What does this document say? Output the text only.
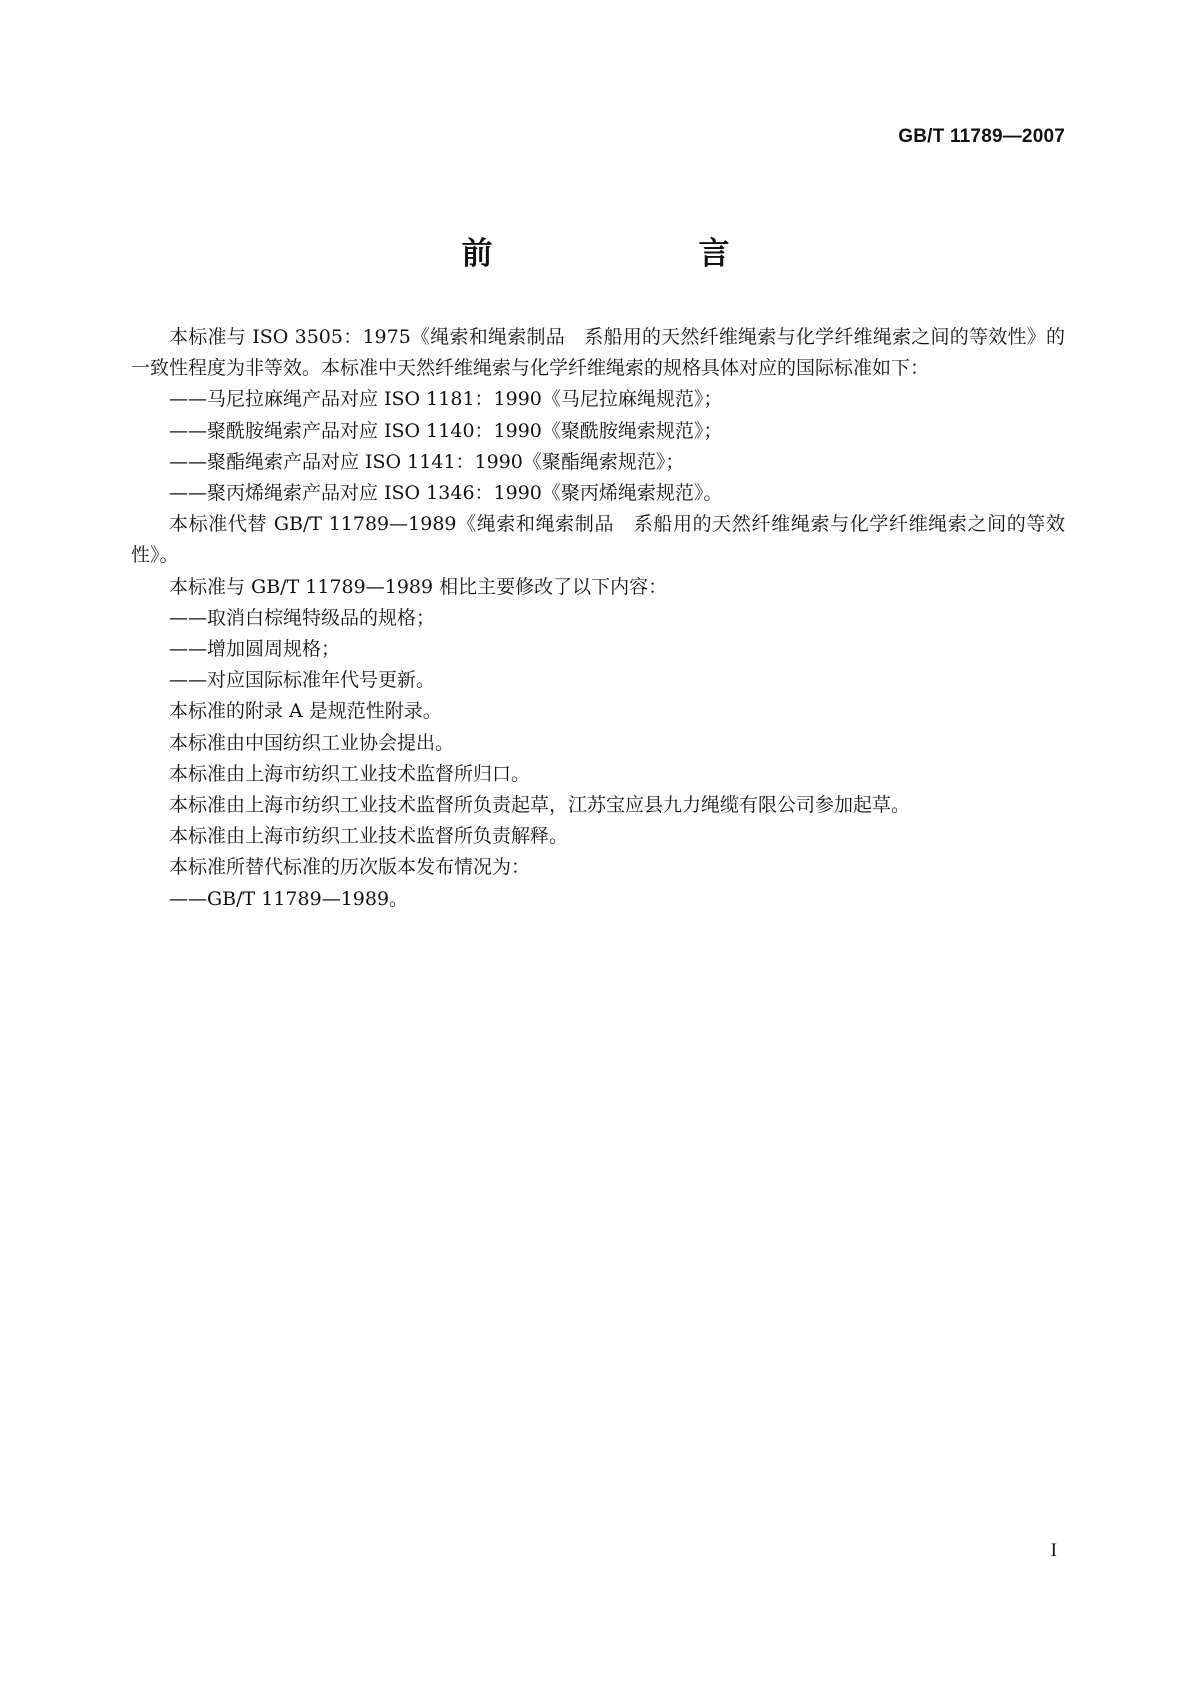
GB/T 11789—2007
前　　言

本标准与 ISO 3505：1975《绳索和绳索制品　系船用的天然纤维绳索与化学纤维绳索之间的等效性》的一致性程度为非等效。本标准中天然纤维绳索与化学纤维绳索的规格具体对应的国际标准如下：

——马尼拉麻绳产品对应 ISO 1181：1990《马尼拉麻绳规范》；

——聚酰胺绳索产品对应 ISO 1140：1990《聚酰胺绳索规范》；

——聚酯绳索产品对应 ISO 1141：1990《聚酯绳索规范》；

——聚丙烯绳索产品对应 ISO 1346：1990《聚丙烯绳索规范》。

本标准代替 GB/T 11789—1989《绳索和绳索制品　系船用的天然纤维绳索与化学纤维绳索之间的等效性》。

本标准与 GB/T 11789—1989 相比主要修改了以下内容：

——取消白棕绳特级品的规格；

——增加圆周规格；

——对应国际标准年代号更新。

本标准的附录 A 是规范性附录。

本标准由中国纺织工业协会提出。

本标准由上海市纺织工业技术监督所归口。

本标准由上海市纺织工业技术监督所负责起草，江苏宝应县九力绳缆有限公司参加起草。

本标准由上海市纺织工业技术监督所负责解释。

本标准所替代标准的历次版本发布情况为：

——GB/T 11789—1989。

I
